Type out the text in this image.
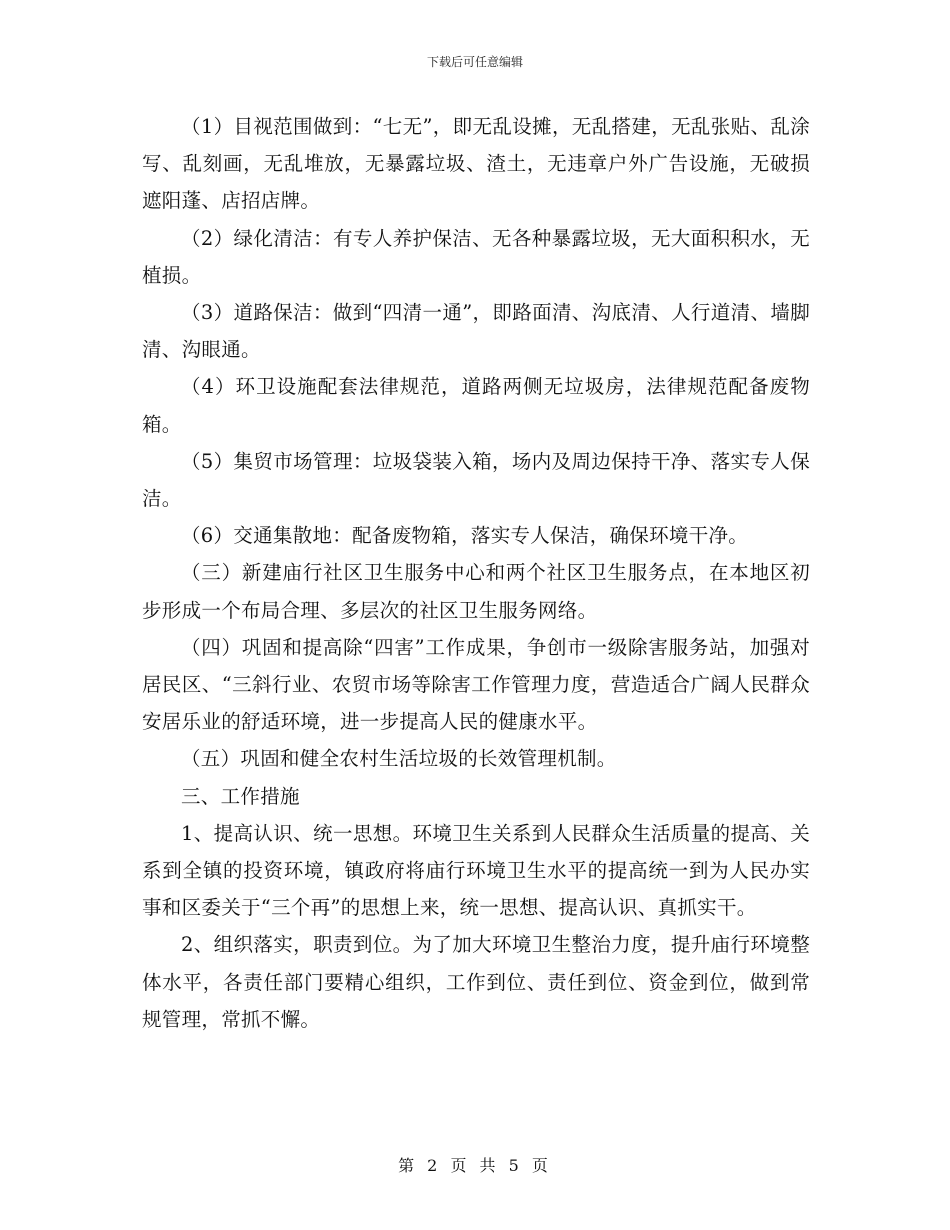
下载后可任意编辑

（1）目视范围做到：“七无”，即无乱设摊，无乱搭建，无乱张贴、乱涂写、乱刻画，无乱堆放，无暴露垃圾、渣土，无违章户外广告设施，无破损遮阳蓬、店招店牌。

（2）绿化清洁：有专人养护保洁、无各种暴露垃圾，无大面积积水，无植损。

（3）道路保洁：做到“四清一通”，即路面清、沟底清、人行道清、墙脚清、沟眼通。

（4）环卫设施配套法律规范，道路两侧无垃圾房，法律规范配备废物箱。

（5）集贸市场管理：垃圾袋装入箱，场内及周边保持干净、落实专人保洁。

（6）交通集散地：配备废物箱，落实专人保洁，确保环境干净。

（三）新建庙行社区卫生服务中心和两个社区卫生服务点，在本地区初步形成一个布局合理、多层次的社区卫生服务网络。

（四）巩固和提高除“四害”工作成果，争创市一级除害服务站，加强对居民区、“三斜行业、农贸市场等除害工作管理力度，营造适合广阔人民群众安居乐业的舒适环境，进一步提高人民的健康水平。

（五）巩固和健全农村生活垃圾的长效管理机制。

三、工作措施

1、提高认识、统一思想。环境卫生关系到人民群众生活质量的提高、关系到全镇的投资环境，镇政府将庙行环境卫生水平的提高统一到为人民办实事和区委关于“三个再”的思想上来，统一思想、提高认识、真抓实干。

2、组织落实，职责到位。为了加大环境卫生整治力度，提升庙行环境整体水平，各责任部门要精心组织，工作到位、责任到位、资金到位，做到常规管理，常抓不懈。

第 2 页 共 5 页
